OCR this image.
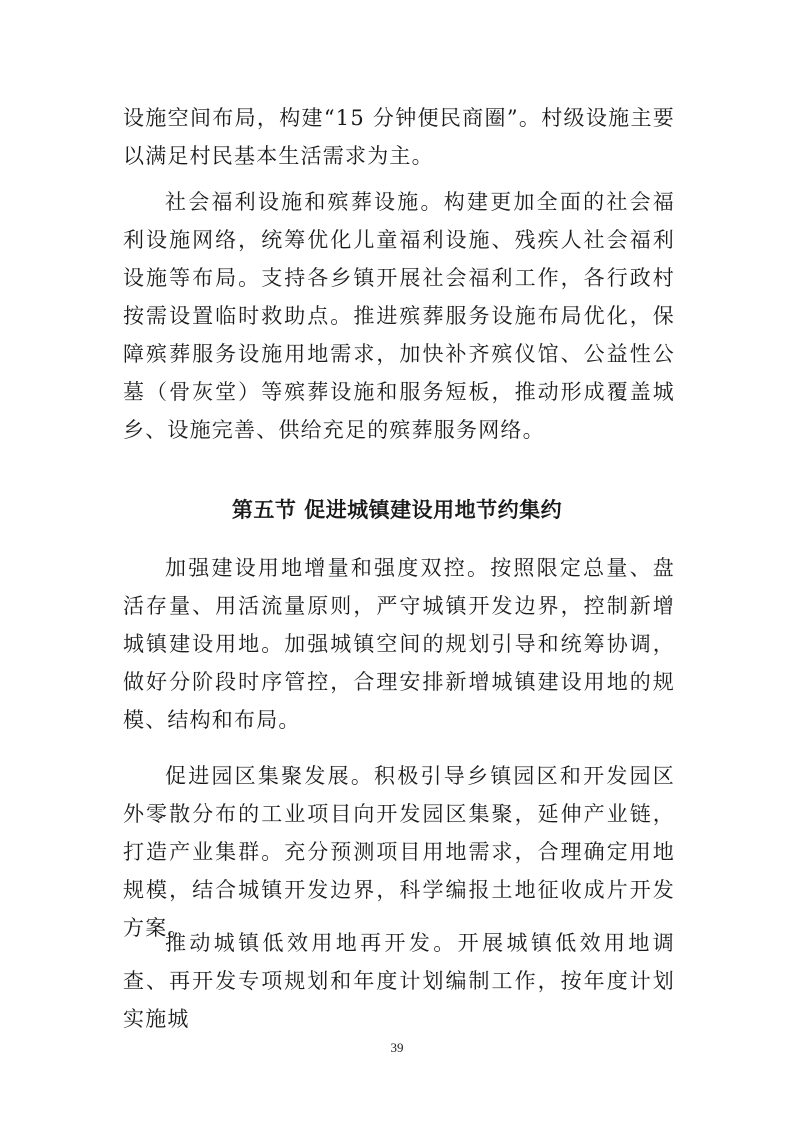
设施空间布局，构建“15 分钟便民商圈”。村级设施主要以满足村民基本生活需求为主。

社会福利设施和殡葬设施。构建更加全面的社会福利设施网络，统筹优化儿童福利设施、残疾人社会福利设施等布局。支持各乡镇开展社会福利工作，各行政村按需设置临时救助点。推进殡葬服务设施布局优化，保障殡葬服务设施用地需求，加快补齐殡仪馆、公益性公墓（骨灰堂）等殡葬设施和服务短板，推动形成覆盖城乡、设施完善、供给充足的殡葬服务网络。

第五节 促进城镇建设用地节约集约

加强建设用地增量和强度双控。按照限定总量、盘活存量、用活流量原则，严守城镇开发边界，控制新增城镇建设用地。加强城镇空间的规划引导和统筹协调，做好分阶段时序管控，合理安排新增城镇建设用地的规模、结构和布局。

促进园区集聚发展。积极引导乡镇园区和开发园区外零散分布的工业项目向开发园区集聚，延伸产业链，打造产业集群。充分预测项目用地需求，合理确定用地规模，结合城镇开发边界，科学编报土地征收成片开发方案。

推动城镇低效用地再开发。开展城镇低效用地调查、再开发专项规划和年度计划编制工作，按年度计划实施城

39
